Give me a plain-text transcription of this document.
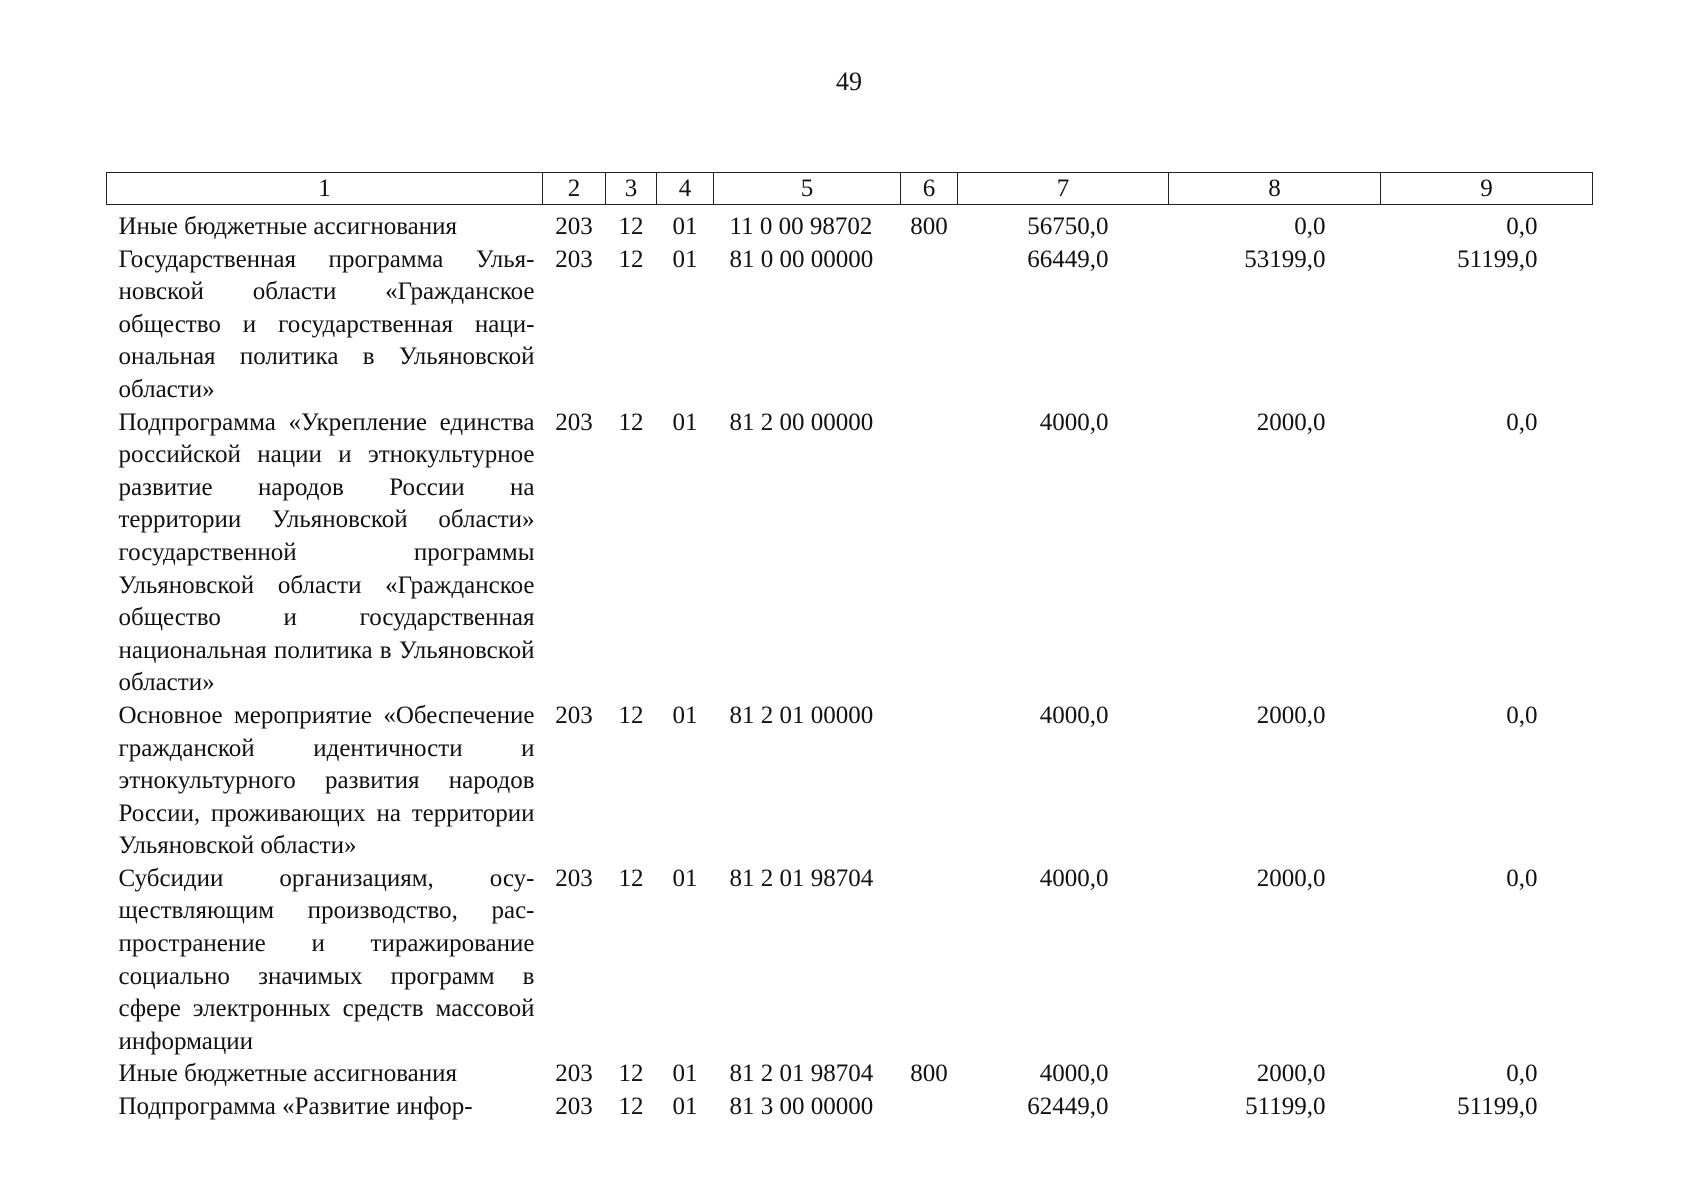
49
1	2	3	4	5	6	7	8	9
Иные бюджетные ассигнования	203	12	01	11 0 00 98702	800	56750,0	0,0	0,0
Государственная программа Ульяновской области «Гражданское общество и государственная национальная политика в Ульяновской области»	203	12	01	81 0 00 00000		66449,0	53199,0	51199,0
Подпрограмма «Укрепление единства российской нации и этнокультурное развитие народов России на территории Ульяновской области» государственной программы Ульяновской области «Гражданское общество и государственная национальная политика в Ульяновской области»	203	12	01	81 2 00 00000		4000,0	2000,0	0,0
Основное мероприятие «Обеспечение гражданской идентичности и этнокультурного развития народов России, проживающих на территории Ульяновской области»	203	12	01	81 2 01 00000		4000,0	2000,0	0,0
Субсидии организациям, осуществляющим производство, распространение и тиражирование социально значимых программ в сфере электронных средств массовой информации	203	12	01	81 2 01 98704		4000,0	2000,0	0,0
Иные бюджетные ассигнования	203	12	01	81 2 01 98704	800	4000,0	2000,0	0,0
Подпрограмма «Развитие инфор-	203	12	01	81 3 00 00000		62449,0	51199,0	51199,0
